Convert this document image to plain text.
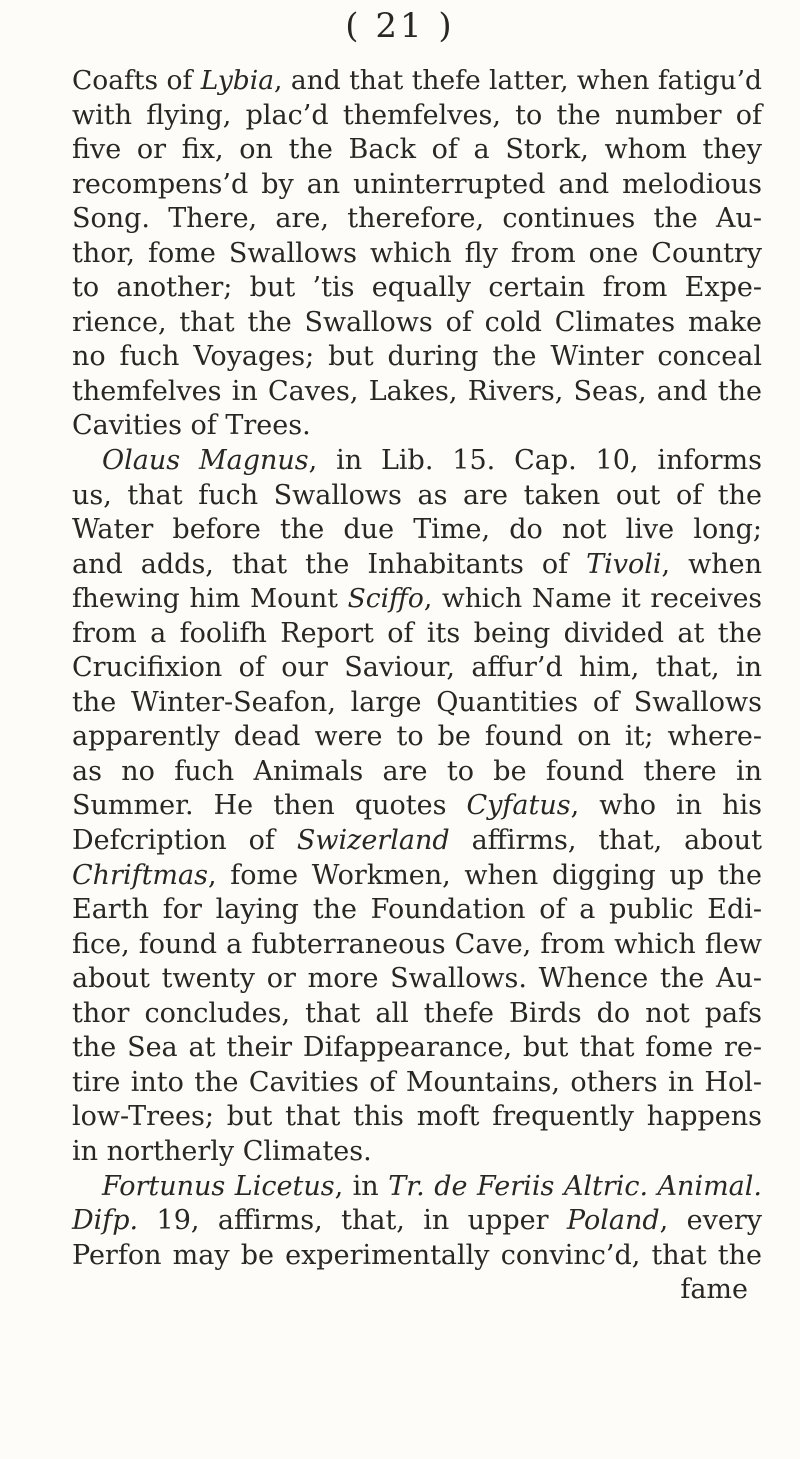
( 21 )
Coafts of Lybia, and that thefe latter, when fatigu’d
with flying, plac’d themfelves, to the number of
five or fix, on the Back of a Stork, whom they
recompens’d by an uninterrupted and melodious
Song. There, are, therefore, continues the Au-
thor, fome Swallows which fly from one Country
to another; but ’tis equally certain from Expe-
rience, that the Swallows of cold Climates make
no fuch Voyages; but during the Winter conceal
themfelves in Caves, Lakes, Rivers, Seas, and the
Cavities of Trees.
Olaus Magnus, in Lib. 15. Cap. 10, informs
us, that fuch Swallows as are taken out of the
Water before the due Time, do not live long;
and adds, that the Inhabitants of Tivoli, when
fhewing him Mount Sciffo, which Name it receives
from a foolifh Report of its being divided at the
Crucifixion of our Saviour, affur’d him, that, in
the Winter-Seafon, large Quantities of Swallows
apparently dead were to be found on it; where-
as no fuch Animals are to be found there in
Summer. He then quotes Cyfatus, who in his
Defcription of Swizerland affirms, that, about
Chriftmas, fome Workmen, when digging up the
Earth for laying the Foundation of a public Edi-
fice, found a fubterraneous Cave, from which flew
about twenty or more Swallows. Whence the Au-
thor concludes, that all thefe Birds do not pafs
the Sea at their Difappearance, but that fome re-
tire into the Cavities of Mountains, others in Hol-
low-Trees; but that this moft frequently happens
in northerly Climates.
Fortunus Licetus, in Tr. de Feriis Altric. Animal.
Difp. 19, affirms, that, in upper Poland, every
Perfon may be experimentally convinc’d, that the
fame
